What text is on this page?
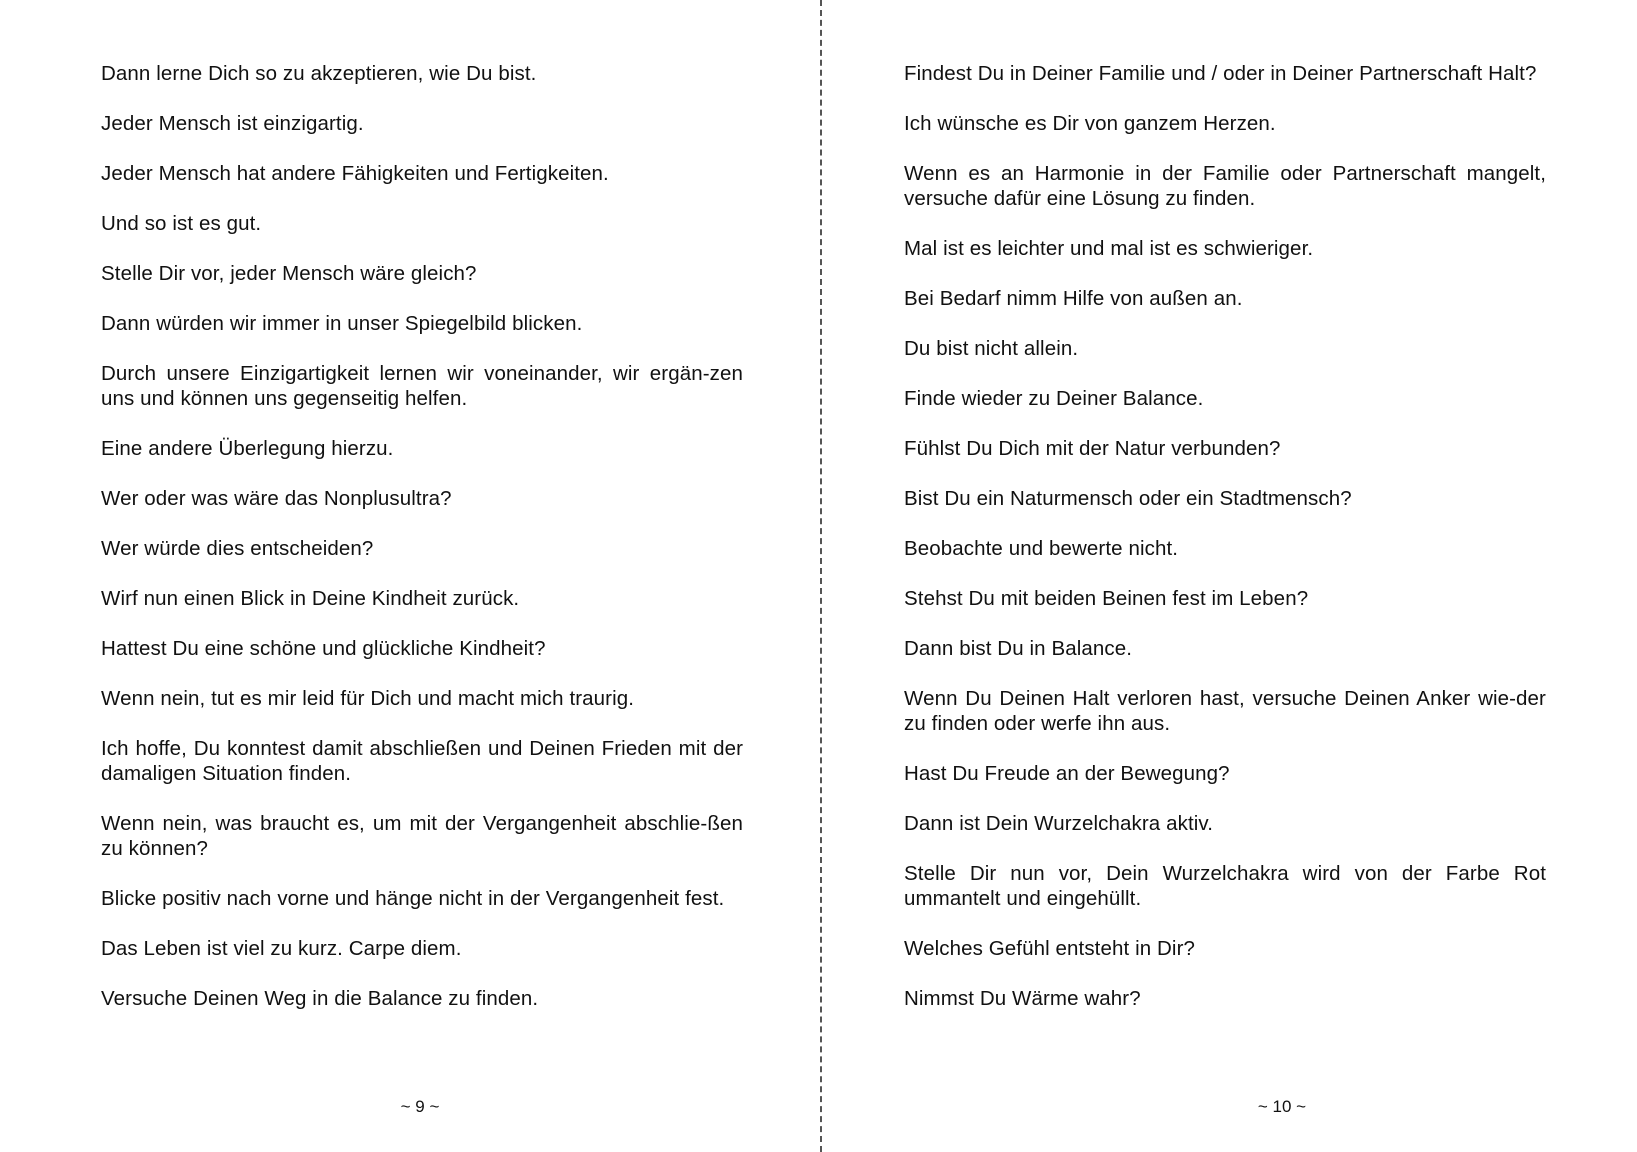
Dann lerne Dich so zu akzeptieren, wie Du bist.

Jeder Mensch ist einzigartig.

Jeder Mensch hat andere Fähigkeiten und Fertigkeiten.

Und so ist es gut.

Stelle Dir vor, jeder Mensch wäre gleich?

Dann würden wir immer in unser Spiegelbild blicken.

Durch unsere Einzigartigkeit lernen wir voneinander, wir ergän-zen uns und können uns gegenseitig helfen.

Eine andere Überlegung hierzu.

Wer oder was wäre das Nonplusultra?

Wer würde dies entscheiden?

Wirf nun einen Blick in Deine Kindheit zurück.

Hattest Du eine schöne und glückliche Kindheit?

Wenn nein, tut es mir leid für Dich und macht mich traurig.

Ich hoffe, Du konntest damit abschließen und Deinen Frieden mit der damaligen Situation finden.

Wenn nein, was braucht es, um mit der Vergangenheit abschlie-ßen zu können?

Blicke positiv nach vorne und hänge nicht in der Vergangenheit fest.

Das Leben ist viel zu kurz. Carpe diem.

Versuche Deinen Weg in die Balance zu finden.

~ 9 ~

Findest Du in Deiner Familie und / oder in Deiner Partnerschaft Halt?

Ich wünsche es Dir von ganzem Herzen.

Wenn es an Harmonie in der Familie oder Partnerschaft mangelt, versuche dafür eine Lösung zu finden.

Mal ist es leichter und mal ist es schwieriger.

Bei Bedarf nimm Hilfe von außen an.

Du bist nicht allein.

Finde wieder zu Deiner Balance.

Fühlst Du Dich mit der Natur verbunden?

Bist Du ein Naturmensch oder ein Stadtmensch?

Beobachte und bewerte nicht.

Stehst Du mit beiden Beinen fest im Leben?

Dann bist Du in Balance.

Wenn Du Deinen Halt verloren hast, versuche Deinen Anker wie-der zu finden oder werfe ihn aus.

Hast Du Freude an der Bewegung?

Dann ist Dein Wurzelchakra aktiv.

Stelle Dir nun vor, Dein Wurzelchakra wird von der Farbe Rot ummantelt und eingehüllt.

Welches Gefühl entsteht in Dir?

Nimmst Du Wärme wahr?

~ 10 ~
